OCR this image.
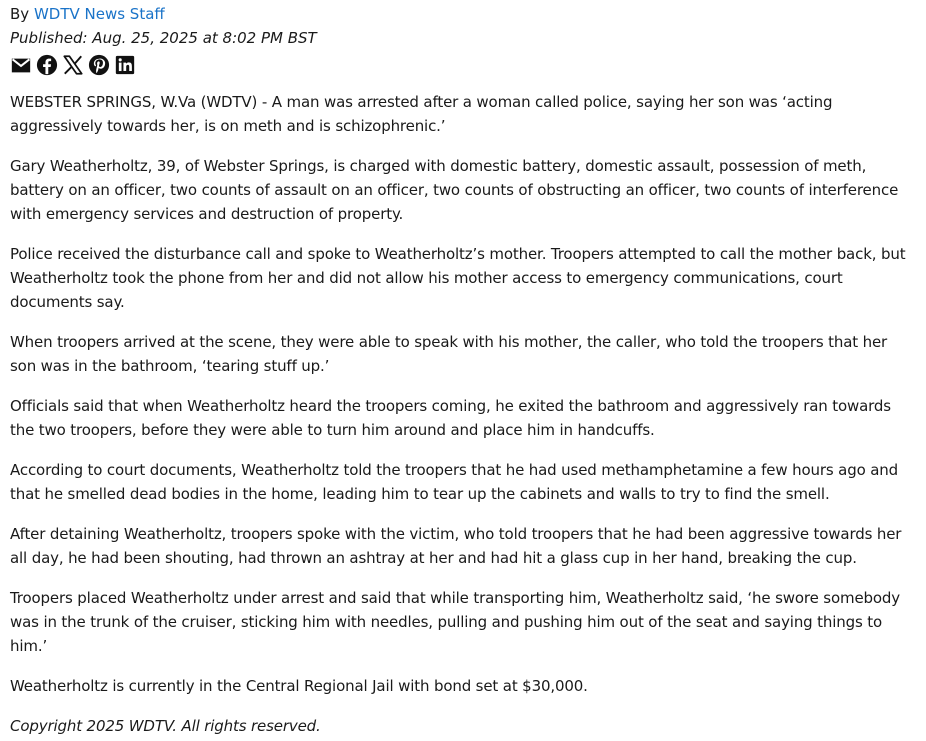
By WDTV News Staff
Published: Aug. 25, 2025 at 8:02 PM BST

WEBSTER SPRINGS, W.Va (WDTV) - A man was arrested after a woman called police, saying her son was ‘acting aggressively towards her, is on meth and is schizophrenic.’

Gary Weatherholtz, 39, of Webster Springs, is charged with domestic battery, domestic assault, possession of meth, battery on an officer, two counts of assault on an officer, two counts of obstructing an officer, two counts of interference with emergency services and destruction of property.

Police received the disturbance call and spoke to Weatherholtz’s mother. Troopers attempted to call the mother back, but Weatherholtz took the phone from her and did not allow his mother access to emergency communications, court documents say.

When troopers arrived at the scene, they were able to speak with his mother, the caller, who told the troopers that her son was in the bathroom, ‘tearing stuff up.’

Officials said that when Weatherholtz heard the troopers coming, he exited the bathroom and aggressively ran towards the two troopers, before they were able to turn him around and place him in handcuffs.

According to court documents, Weatherholtz told the troopers that he had used methamphetamine a few hours ago and that he smelled dead bodies in the home, leading him to tear up the cabinets and walls to try to find the smell.

After detaining Weatherholtz, troopers spoke with the victim, who told troopers that he had been aggressive towards her all day, he had been shouting, had thrown an ashtray at her and had hit a glass cup in her hand, breaking the cup.

Troopers placed Weatherholtz under arrest and said that while transporting him, Weatherholtz said, ‘he swore somebody was in the trunk of the cruiser, sticking him with needles, pulling and pushing him out of the seat and saying things to him.’

Weatherholtz is currently in the Central Regional Jail with bond set at $30,000.

Copyright 2025 WDTV. All rights reserved.
